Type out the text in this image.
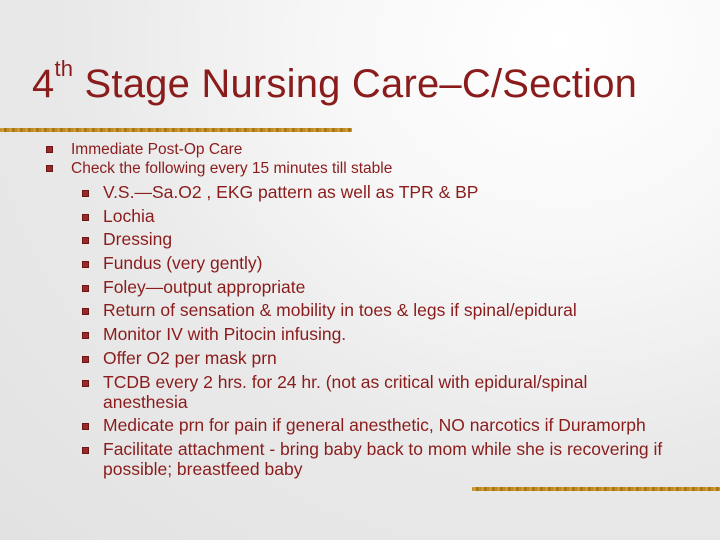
4th Stage Nursing Care–C/Section
Immediate Post-Op Care
Check the following every 15 minutes till stable
V.S.—Sa.O2 , EKG pattern as well as TPR & BP
Lochia
Dressing
Fundus (very gently)
Foley—output appropriate
Return of sensation & mobility in toes & legs if spinal/epidural
Monitor IV with Pitocin infusing.
Offer O2 per mask prn
TCDB every 2 hrs. for 24 hr. (not as critical with epidural/spinal anesthesia
Medicate prn for pain if general anesthetic, NO narcotics if Duramorph
Facilitate attachment - bring baby back to mom while she is recovering if possible; breastfeed baby
